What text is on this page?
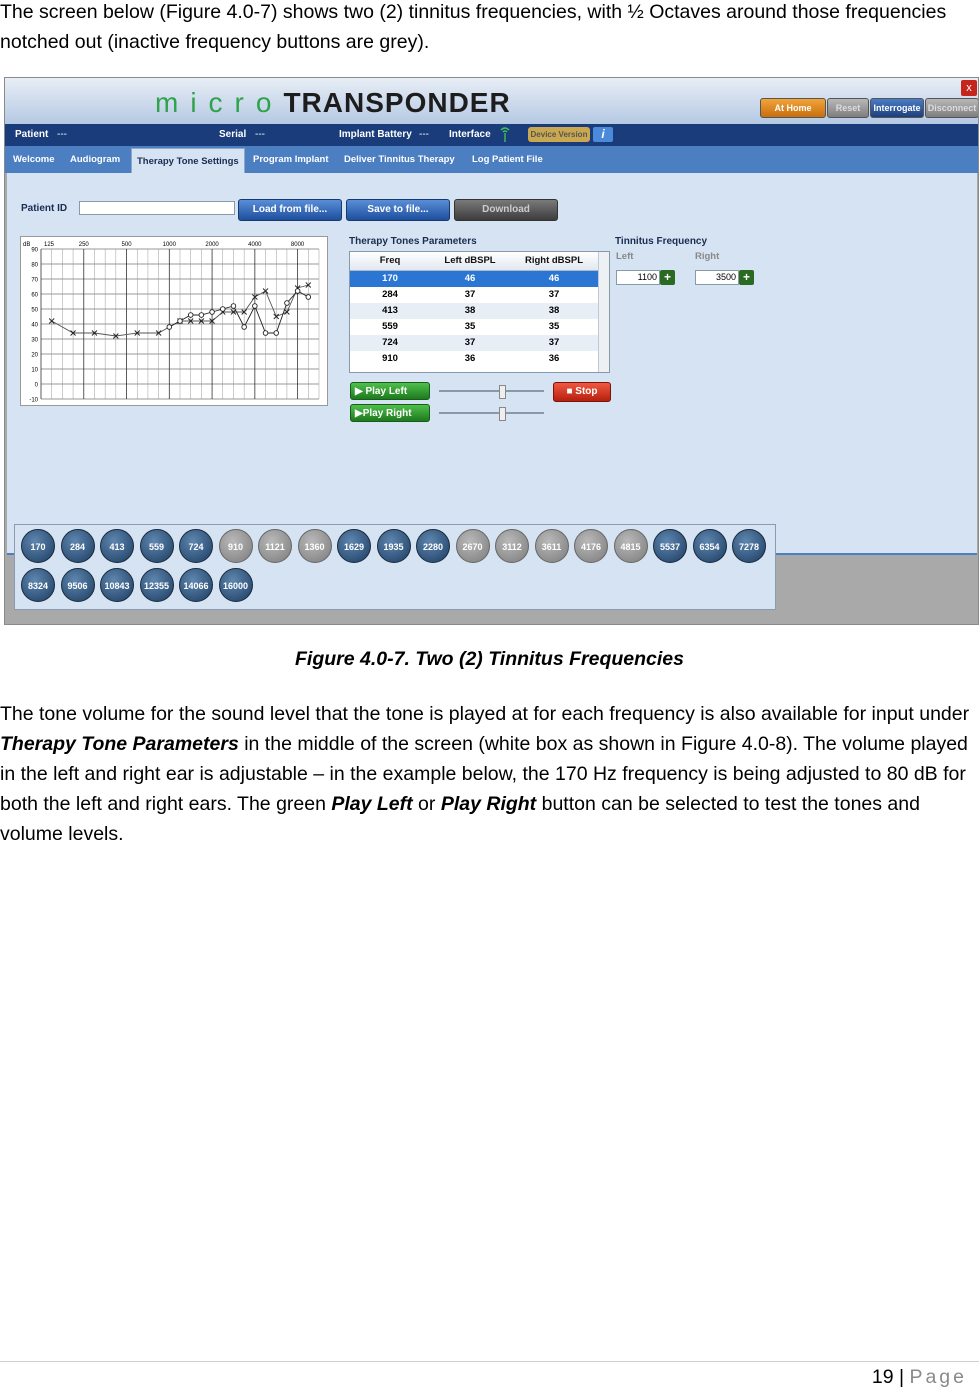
The screen below (Figure 4.0-7) shows two (2) tinnitus frequencies, with ½ Octaves around those frequencies notched out (inactive frequency buttons are grey).

microTRANSPONDER	At Home	Reset	Interrogate Disconnect
x
Patient ---	Serial ---	Implant Battery --- Interface	Device Version	i
Welcome Audiogram	Therapy Tone Settings	Program Implant Deliver Tinnitus Therapy Log Patient File
Patient ID	Load from file...	Save to file...	Download
90
80
70
60
50
40
30
20
10
0
-10
125	250	500	1000	2000	4000	8000
dB	Therapy Tones Parameters
Freq	Left dBSPL	Right dBSPL
170	46	46
284	37	37
413	38	38
559	35	35
724	37	37
910	36	36
Tinnitus Frequency
Left	Right
1100 +	3500 +
▶ Play Left
▶Play Right
■ Stop
170	284	413	559	724	910	1121	1360	1629	1935	2280	2670	3112	3611	4176	4815	5537	6354	7278
8324	9506	10843	12355	14066	16000
Figure 4.0-7. Two (2) Tinnitus Frequencies

The tone volume for the sound level that the tone is played at for each frequency is also available for input under Therapy Tone Parameters in the middle of the screen (white box as shown in Figure 4.0-8). The volume played in the left and right ear is adjustable – in the example below, the 170 Hz frequency is being adjusted to 80 dB for both the left and right ears. The green Play Left or Play Right button can be selected to test the tones and volume levels.

19 | Page
